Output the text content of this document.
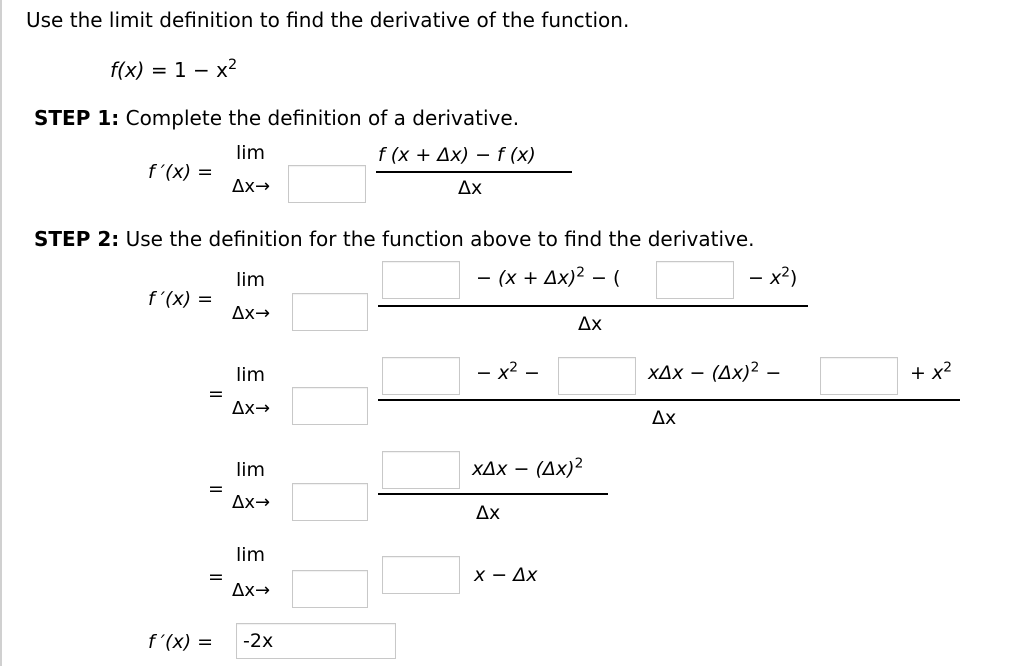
Use the limit definition to find the derivative of the function.
$f(x) = 1 - x^2$
STEP 1: Complete the definition of a derivative.
f ′(x) =
lim
Δx→
f (x + Δx) − f (x)
Δx
STEP 2: Use the definition for the function above to find the derivative.
f ′(x) =
lim
Δx→
− $(x + \Delta x)^2$ − (	− $x^2$)
Δx
=
lim
Δx→
− $x^2$ −	$x\Delta x - (\Delta x)^2$ −	+ $x^2$
Δx
=
lim
Δx→
$x\Delta x - (\Delta x)^2$
Δx
=
lim
Δx→
x − Δx
f ′(x) =	-2x
